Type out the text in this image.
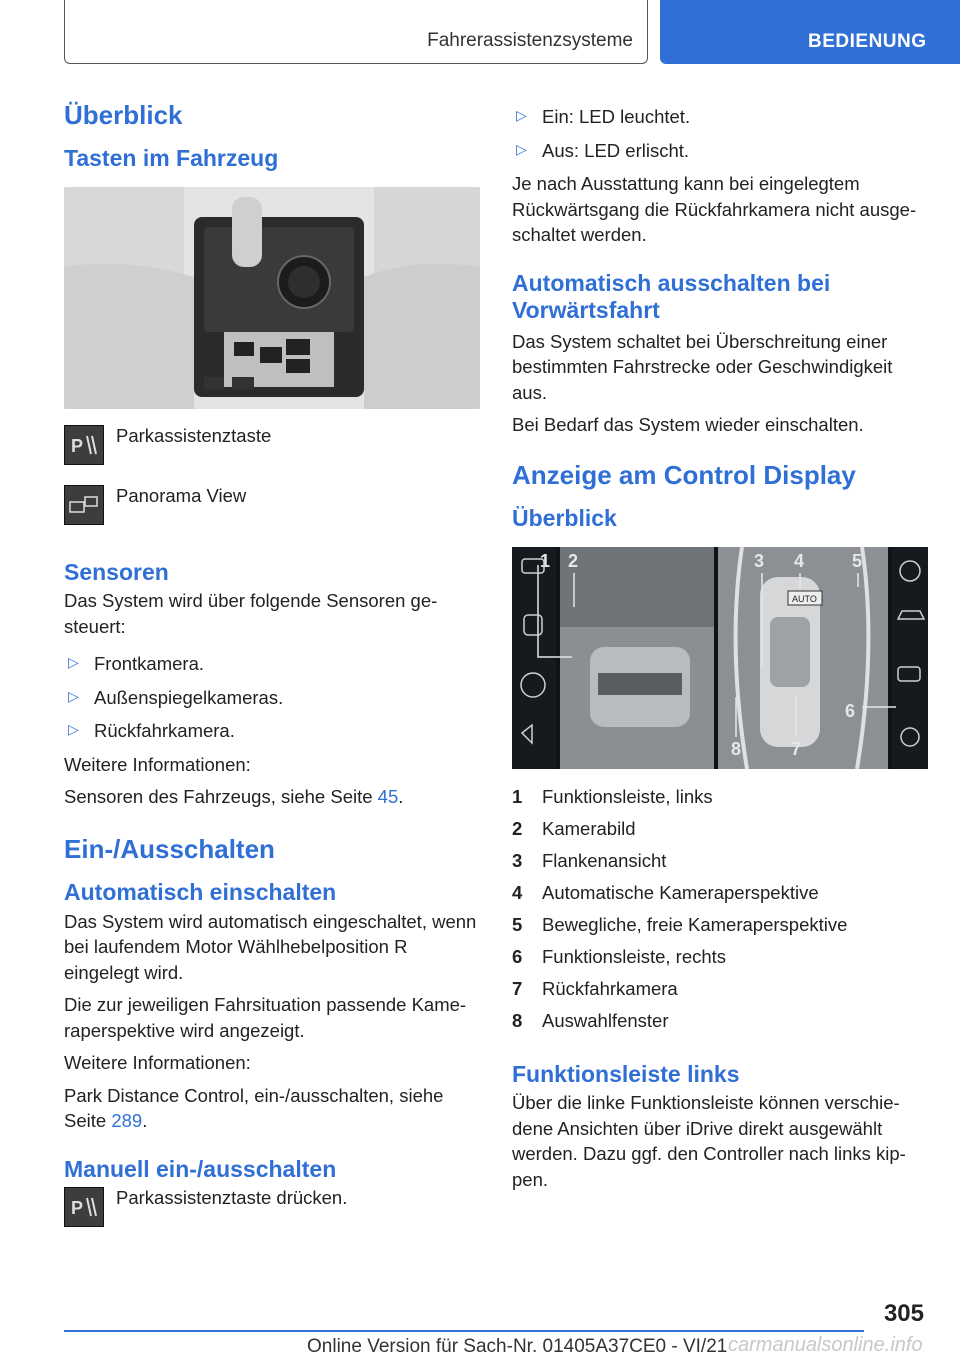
Fahrerassistenzsysteme	BEDIENUNG
Überblick
Tasten im Fahrzeug
P Parkassistenztaste
Panorama View
Sensoren

Das System wird über folgende Sensoren ge‐steuert:

▷ Frontkamera.
▷ Außenspiegelkameras.
▷ Rückfahrkamera.

Weitere Informationen:

Sensoren des Fahrzeugs, siehe Seite 45.

Ein-/Ausschalten
Automatisch einschalten

Das System wird automatisch eingeschaltet, wenn bei laufendem Motor Wählhebelposition R eingelegt wird.

Die zur jeweiligen Fahrsituation passende Kame‐raperspektive wird angezeigt.

Weitere Informationen:

Park Distance Control, ein-/ausschalten, siehe Seite 289.

Manuell ein-/ausschalten
P Parkassistenztaste drücken.
▷ Ein: LED leuchtet.
▷ Aus: LED erlischt.

Je nach Ausstattung kann bei eingelegtem Rückwärtsgang die Rückfahrkamera nicht ausge‐schaltet werden.

Automatisch ausschalten bei Vorwärtsfahrt

Das System schaltet bei Überschreitung einer bestimmten Fahrstrecke oder Geschwindigkeit aus.

Bei Bedarf das System wieder einschalten.

Anzeige am Control Display
Überblick
AUTO
1 2	3 4	5
6
7
8
1 Funktionsleiste, links
2 Kamerabild
3 Flankenansicht
4 Automatische Kameraperspektive
5 Bewegliche, freie Kameraperspektive
6 Funktionsleiste, rechts
7 Rückfahrkamera
8 Auswahlfenster
Funktionsleiste links

Über die linke Funktionsleiste können verschie‐dene Ansichten über iDrive direkt ausgewählt werden. Dazu ggf. den Controller nach links kip‐pen.

305
Online Version für Sach-Nr. 01405A37CE0 - VI/21 carmanualsonline.info
